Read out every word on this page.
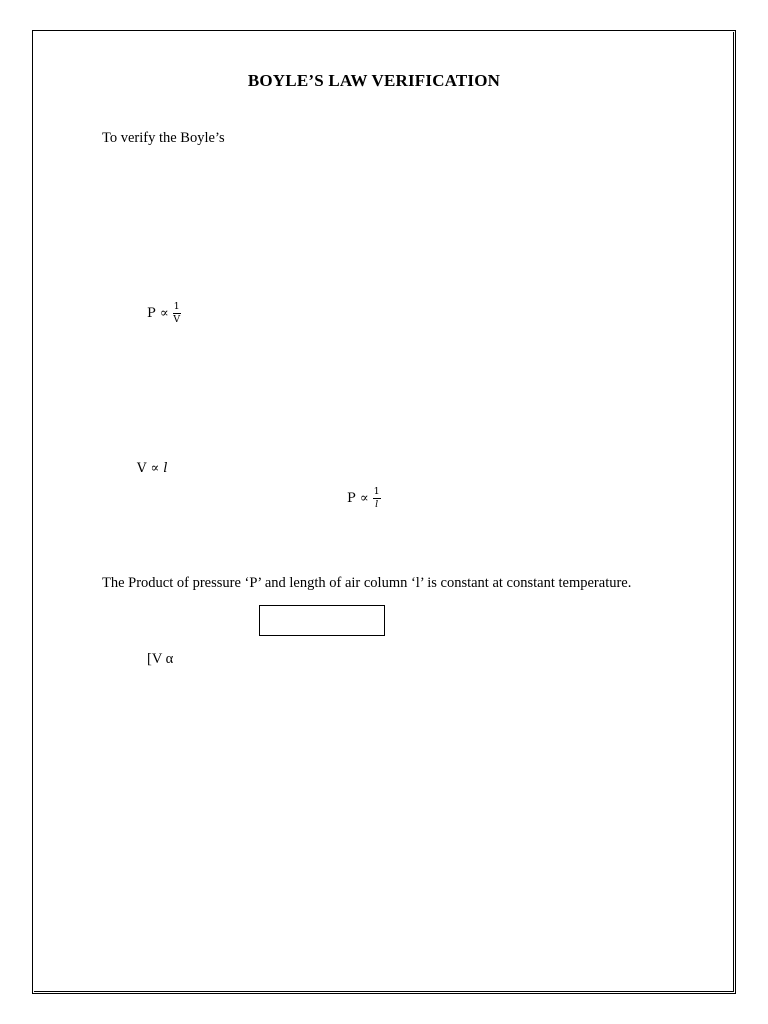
BOYLE’S LAW VERIFICATION
To verify the Boyle’s
$P \propto \frac{1}{V}$
V ∝ l
$P \propto \frac{1}{l}$
The Product of pressure ‘P’ and length of air column ‘l’ is constant at constant temperature.
[V α
